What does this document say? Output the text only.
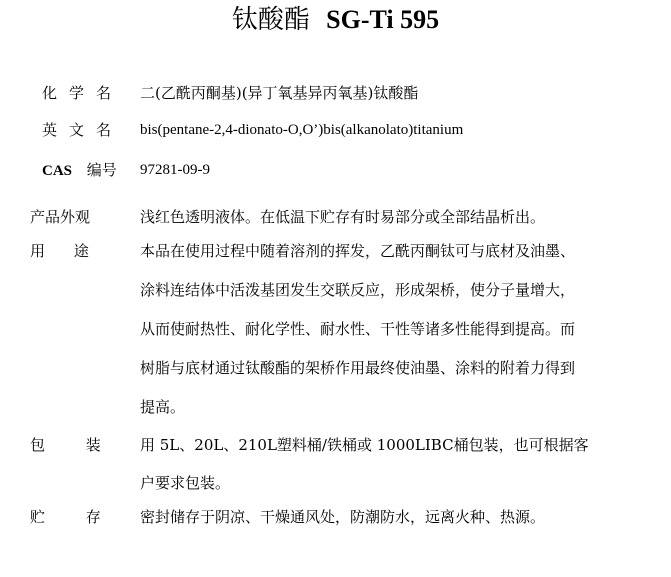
钛酸酯 SG-Ti 595
化学名 二(乙酰丙酮基)(异丁氧基异丙氧基)钛酸酯
英文名 bis(pentane-2,4-dionato-O,O’)bis(alkanolato)titanium
CAS 编号 97281-09-9
产品外观	浅红色透明液体。在低温下贮存有时易部分或全部结晶析出。
用 途	本品在使用过程中随着溶剂的挥发，乙酰丙酮钛可与底材及油墨、
涂料连结体中活泼基团发生交联反应，形成架桥，使分子量增大，
从而使耐热性、耐化学性、耐水性、干性等诸多性能得到提高。而
树脂与底材通过钛酸酯的架桥作用最终使油墨、涂料的附着力得到
提高。
包 装	用 5L、20L、210L塑料桶/铁桶或 1000LIBC桶包装，也可根据客
户要求包装。
贮 存	密封储存于阴凉、干燥通风处，防潮防水，远离火种、热源。
